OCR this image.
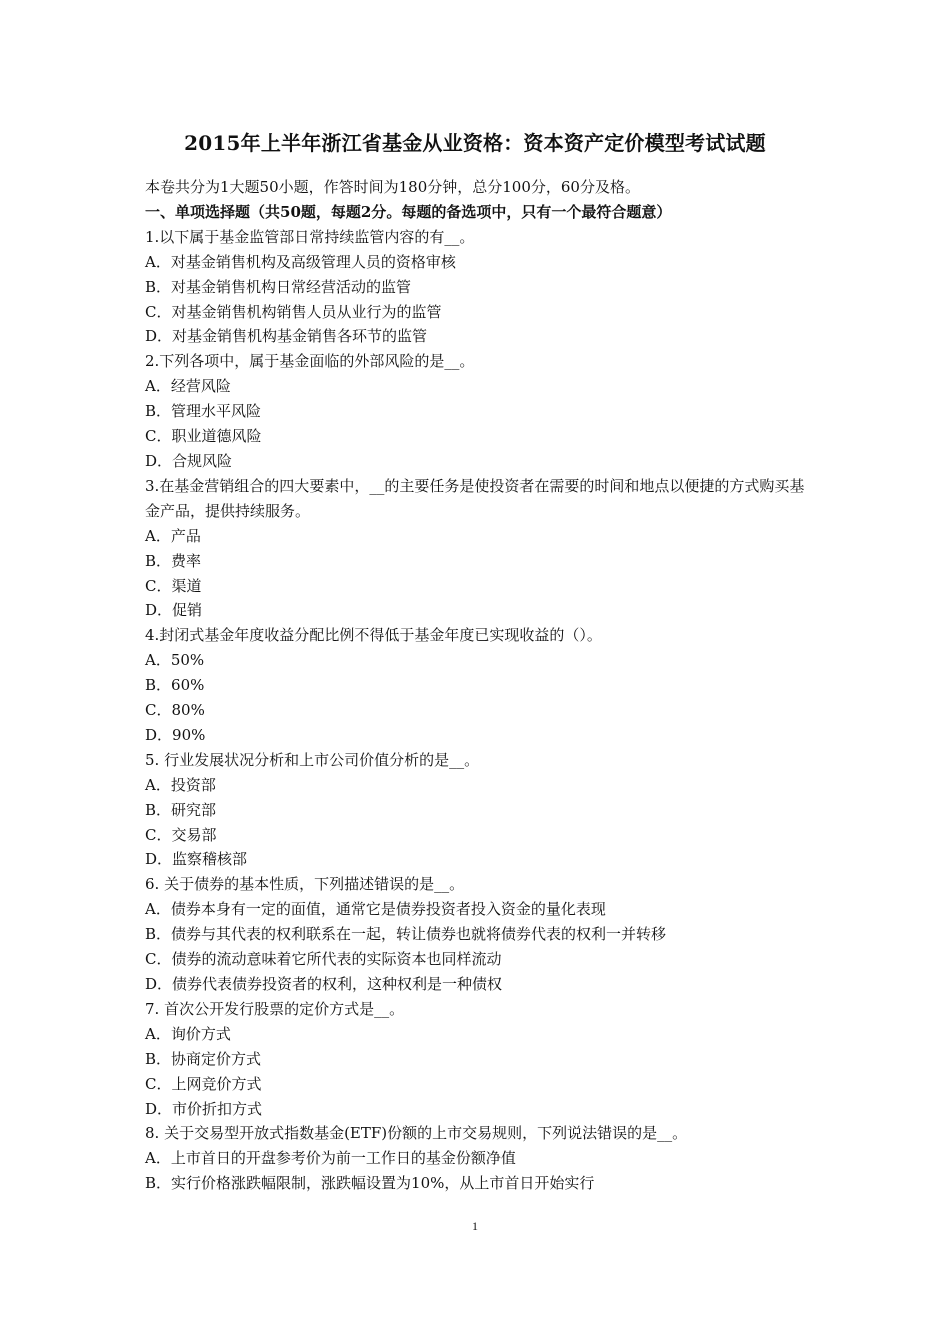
2015年上半年浙江省基金从业资格：资本资产定价模型考试试题

本卷共分为1大题50小题，作答时间为180分钟，总分100分，60分及格。

一、单项选择题（共50题，每题2分。每题的备选项中，只有一个最符合题意）

1.以下属于基金监管部日常持续监管内容的有__。

A．对基金销售机构及高级管理人员的资格审核

B．对基金销售机构日常经营活动的监管

C．对基金销售机构销售人员从业行为的监管

D．对基金销售机构基金销售各环节的监管

2.下列各项中，属于基金面临的外部风险的是__。

A．经营风险

B．管理水平风险

C．职业道德风险

D．合规风险

3.在基金营销组合的四大要素中，__的主要任务是使投资者在需要的时间和地点以便捷的方式购买基金产品，提供持续服务。

A．产品

B．费率

C．渠道

D．促销

4.封闭式基金年度收益分配比例不得低于基金年度已实现收益的（）。

A．50%

B．60%

C．80%

D．90%

5. 行业发展状况分析和上市公司价值分析的是__。

A．投资部

B．研究部

C．交易部

D．监察稽核部

6. 关于债券的基本性质，下列描述错误的是__。

A．债券本身有一定的面值，通常它是债券投资者投入资金的量化表现

B．债券与其代表的权利联系在一起，转让债券也就将债券代表的权利一并转移

C．债券的流动意味着它所代表的实际资本也同样流动

D．债券代表债券投资者的权利，这种权利是一种债权

7. 首次公开发行股票的定价方式是__。

A．询价方式

B．协商定价方式

C．上网竞价方式

D．市价折扣方式

8. 关于交易型开放式指数基金(ETF)份额的上市交易规则，下列说法错误的是__。

A．上市首日的开盘参考价为前一工作日的基金份额净值

B．实行价格涨跌幅限制，涨跌幅设置为10%，从上市首日开始实行

1
